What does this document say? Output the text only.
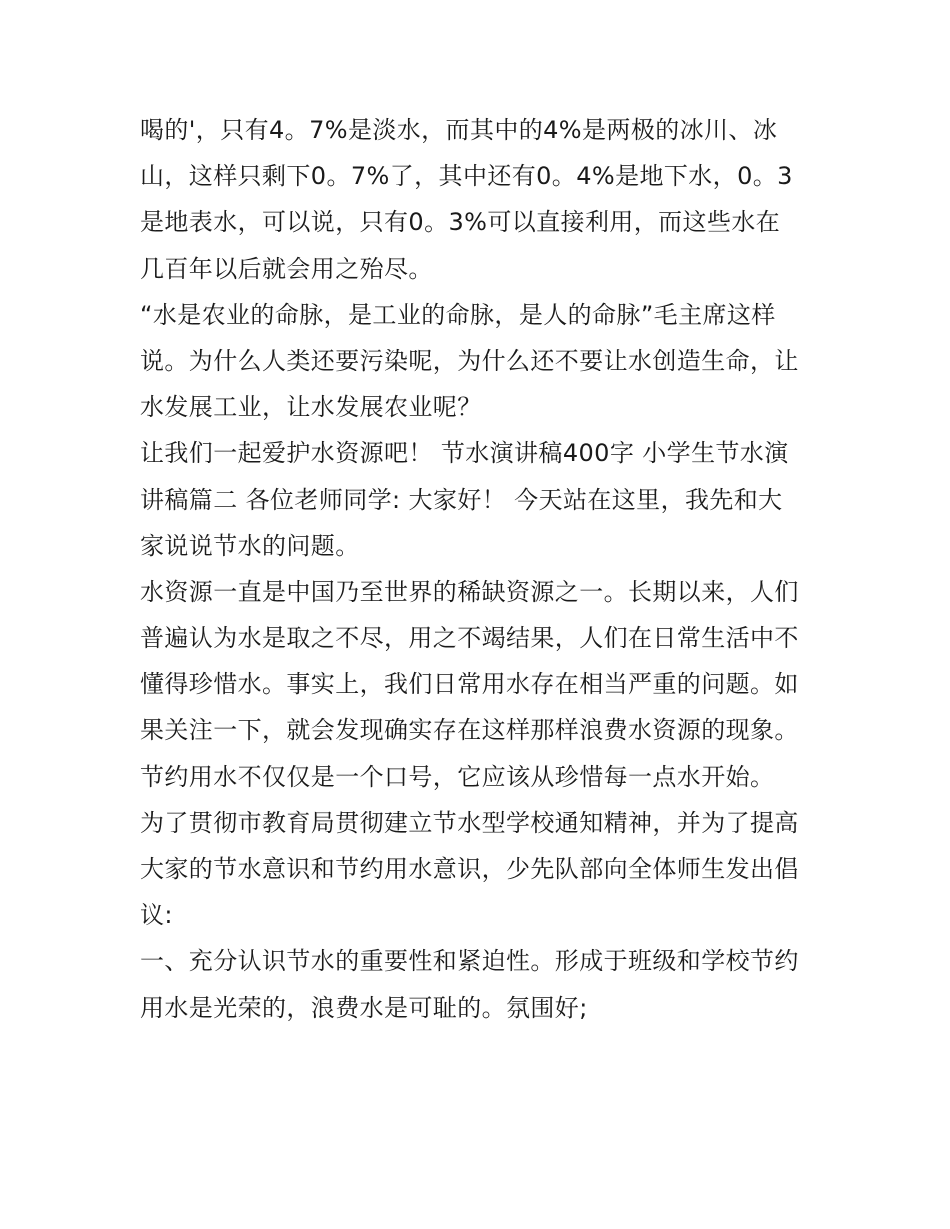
喝的'，只有4。7%是淡水，而其中的4%是两极的冰川、冰
山，这样只剩下0。7%了，其中还有0。4%是地下水，0。3
是地表水，可以说，只有0。3%可以直接利用，而这些水在
几百年以后就会用之殆尽。

“水是农业的命脉，是工业的命脉，是人的命脉”毛主席这样
说。为什么人类还要污染呢，为什么还不要让水创造生命，让
水发展工业，让水发展农业呢？

让我们一起爱护水资源吧！ 节水演讲稿400字 小学生节水演
讲稿篇二 各位老师同学: 大家好！ 今天站在这里，我先和大
家说说节水的问题。

水资源一直是中国乃至世界的稀缺资源之一。长期以来，人们
普遍认为水是取之不尽，用之不竭结果，人们在日常生活中不
懂得珍惜水。事实上，我们日常用水存在相当严重的问题。如
果关注一下，就会发现确实存在这样那样浪费水资源的现象。

节约用水不仅仅是一个口号，它应该从珍惜每一点水开始。

为了贯彻市教育局贯彻建立节水型学校通知精神，并为了提高
大家的节水意识和节约用水意识，少先队部向全体师生发出倡
议:

一、充分认识节水的重要性和紧迫性。形成于班级和学校节约
用水是光荣的，浪费水是可耻的。氛围好;
